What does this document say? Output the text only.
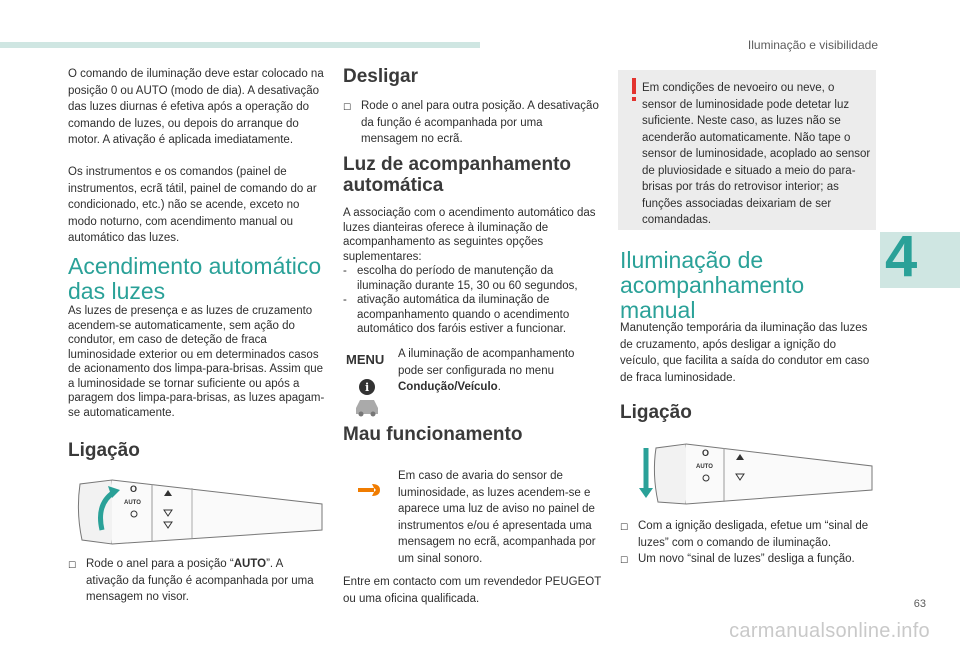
Iluminação e visibilidade
4
63
carmanualsonline.info

O comando de iluminação deve estar colocado na posição 0 ou AUTO (modo de dia). A desativação das luzes diurnas é efetiva após a operação do comando de luzes, ou depois do arranque do motor. A ativação é aplicada imediatamente.

Os instrumentos e os comandos (painel de instrumentos, ecrã tátil, painel de comando do ar condicionado, etc.) não se acende, exceto no modo noturno, com acendimento manual ou automático das luzes.

Acendimento automático
das luzes

As luzes de presença e as luzes de cruzamento acendem-se automaticamente, sem ação do condutor, em caso de deteção de fraca luminosidade exterior ou em determinados casos de acionamento dos limpa-para-brisas. Assim que a luminosidade se tornar suficiente ou após a paragem dos limpa-para-brisas, as luzes apagam-se automaticamente.

Ligação
O
AUTO
☐ Rode o anel para a posição “AUTO”. A ativação da função é acompanhada por uma mensagem no visor.
Desligar
☐ Rode o anel para outra posição. A desativação da função é acompanhada por uma mensagem no ecrã.
Luz de acompanhamento
automática

A associação com o acendimento automático das luzes dianteiras oferece à iluminação de acompanhamento as seguintes opções suplementares:

- escolha do período de manutenção da iluminação durante 15, 30 ou 60 segundos,
- ativação automática da iluminação de acompanhamento quando o acendimento automático dos faróis estiver a funcionar.
MENU
i

A iluminação de acompanhamento pode ser configurada no menu Condução/Veículo.

Mau funcionamento

Em caso de avaria do sensor de luminosidade, as luzes acendem-se e aparece uma luz de aviso no painel de instrumentos e/ou é apresentada uma mensagem no ecrã, acompanhada por um sinal sonoro.

Entre em contacto com um revendedor PEUGEOT ou uma oficina qualificada.

Em condições de nevoeiro ou neve, o sensor de luminosidade pode detetar luz suficiente. Neste caso, as luzes não se acenderão automaticamente. Não tape o sensor de luminosidade, acoplado ao sensor de pluviosidade e situado a meio do para-brisas por trás do retrovisor interior; as funções associadas deixariam de ser comandadas.

Iluminação de
acompanhamento manual

Manutenção temporária da iluminação das luzes de cruzamento, após desligar a ignição do veículo, que facilita a saída do condutor em caso de fraca luminosidade.

Ligação
O
AUTO
☐ Com a ignição desligada, efetue um “sinal de luzes” com o comando de iluminação.
☐ Um novo “sinal de luzes” desliga a função.
